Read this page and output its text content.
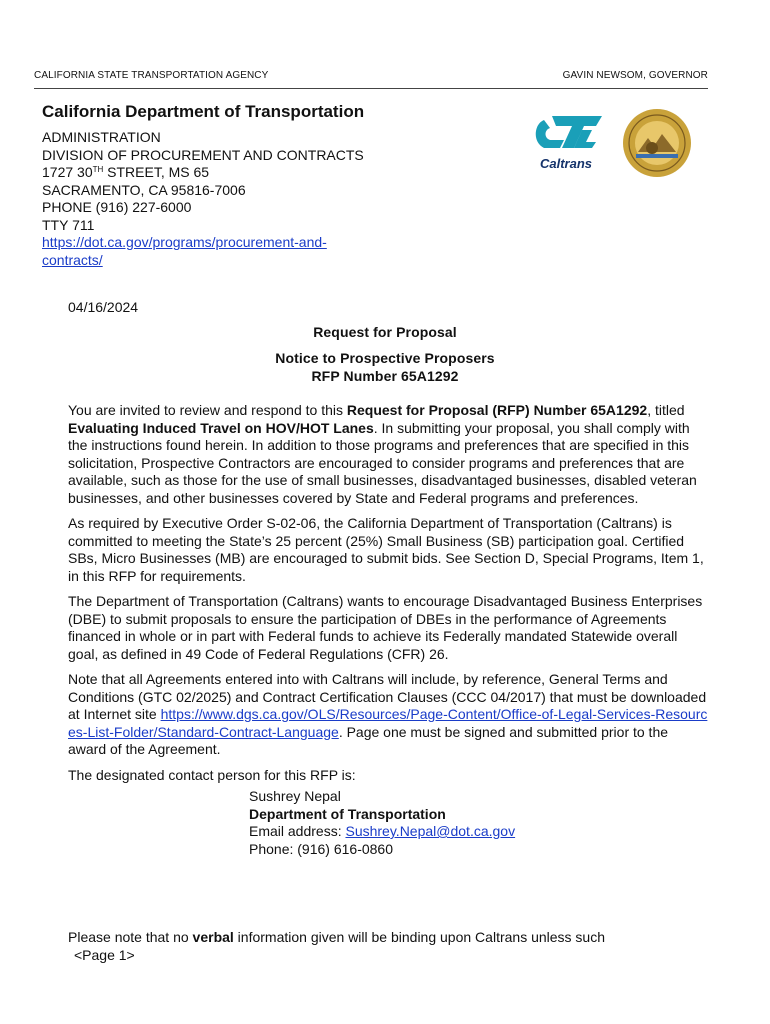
CALIFORNIA STATE TRANSPORTATION AGENCY	GAVIN NEWSOM, GOVERNOR
California Department of Transportation
ADMINISTRATION
DIVISION OF PROCUREMENT AND CONTRACTS
1727 30TH STREET, MS 65
SACRAMENTO, CA 95816-7006
PHONE (916) 227-6000
TTY 711
https://dot.ca.gov/programs/procurement-and-contracts/
Caltrans
04/16/2024
Request for Proposal
Notice to Prospective Proposers
RFP Number 65A1292

You are invited to review and respond to this Request for Proposal (RFP) Number 65A1292, titled Evaluating Induced Travel on HOV/HOT Lanes. In submitting your proposal, you shall comply with the instructions found herein. In addition to those programs and preferences that are specified in this solicitation, Prospective Contractors are encouraged to consider programs and preferences that are available, such as those for the use of small businesses, disadvantaged businesses, disabled veteran businesses, and other businesses covered by State and Federal programs and preferences.

As required by Executive Order S-02-06, the California Department of Transportation (Caltrans) is committed to meeting the State’s 25 percent (25%) Small Business (SB) participation goal. Certified SBs, Micro Businesses (MB) are encouraged to submit bids. See Section D, Special Programs, Item 1, in this RFP for requirements.

The Department of Transportation (Caltrans) wants to encourage Disadvantaged Business Enterprises (DBE) to submit proposals to ensure the participation of DBEs in the performance of Agreements financed in whole or in part with Federal funds to achieve its Federally mandated Statewide overall goal, as defined in 49 Code of Federal Regulations (CFR) 26.

Note that all Agreements entered into with Caltrans will include, by reference, General Terms and Conditions (GTC 02/2025) and Contract Certification Clauses (CCC 04/2017) that must be downloaded at Internet site https://www.dgs.ca.gov/OLS/Resources/Page-Content/Office-of-Legal-Services-Resources-List-Folder/Standard-Contract-Language. Page one must be signed and submitted prior to the award of the Agreement.

The designated contact person for this RFP is:

Sushrey Nepal
Department of Transportation
Email address: Sushrey.Nepal@dot.ca.gov
Phone: (916) 616-0860
Please note that no verbal information given will be binding upon Caltrans unless such
<Page 1>
